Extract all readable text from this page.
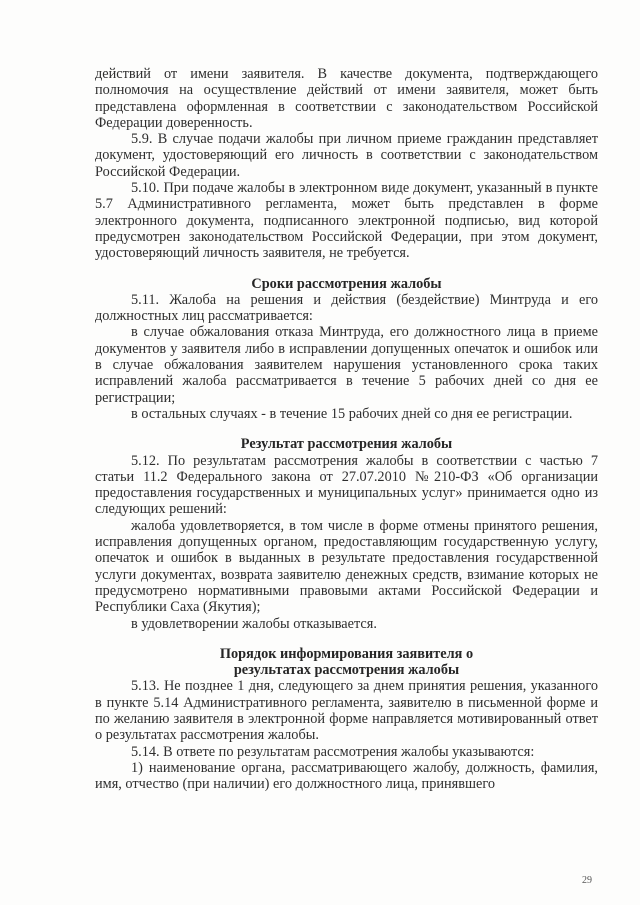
действий от имени заявителя. В качестве документа, подтверждающего полномочия на осуществление действий от имени заявителя, может быть представлена оформленная в соответствии с законодательством Российской Федерации доверенность.

5.9. В случае подачи жалобы при личном приеме гражданин представляет документ, удостоверяющий его личность в соответствии с законодательством Российской Федерации.

5.10. При подаче жалобы в электронном виде документ, указанный в пункте 5.7 Административного регламента, может быть представлен в форме электронного документа, подписанного электронной подписью, вид которой предусмотрен законодательством Российской Федерации, при этом документ, удостоверяющий личность заявителя, не требуется.

Сроки рассмотрения жалобы

5.11. Жалоба на решения и действия (бездействие) Минтруда и его должностных лиц рассматривается:

в случае обжалования отказа Минтруда, его должностного лица в приеме документов у заявителя либо в исправлении допущенных опечаток и ошибок или в случае обжалования заявителем нарушения установленного срока таких исправлений жалоба рассматривается в течение 5 рабочих дней со дня ее регистрации;

в остальных случаях - в течение 15 рабочих дней со дня ее регистрации.

Результат рассмотрения жалобы

5.12. По результатам рассмотрения жалобы в соответствии с частью 7 статьи 11.2 Федерального закона от 27.07.2010 №210-ФЗ «Об организации предоставления государственных и муниципальных услуг» принимается одно из следующих решений:

жалоба удовлетворяется, в том числе в форме отмены принятого решения, исправления допущенных органом, предоставляющим государственную услугу, опечаток и ошибок в выданных в результате предоставления государственной услуги документах, возврата заявителю денежных средств, взимание которых не предусмотрено нормативными правовыми актами Российской Федерации и Республики Саха (Якутия);

в удовлетворении жалобы отказывается.

Порядок информирования заявителя о
результатах рассмотрения жалобы

5.13. Не позднее 1 дня, следующего за днем принятия решения, указанного в пункте 5.14 Административного регламента, заявителю в письменной форме и по желанию заявителя в электронной форме направляется мотивированный ответ о результатах рассмотрения жалобы.

5.14. В ответе по результатам рассмотрения жалобы указываются:

1) наименование органа, рассматривающего жалобу, должность, фамилия, имя, отчество (при наличии) его должностного лица, принявшего

29
